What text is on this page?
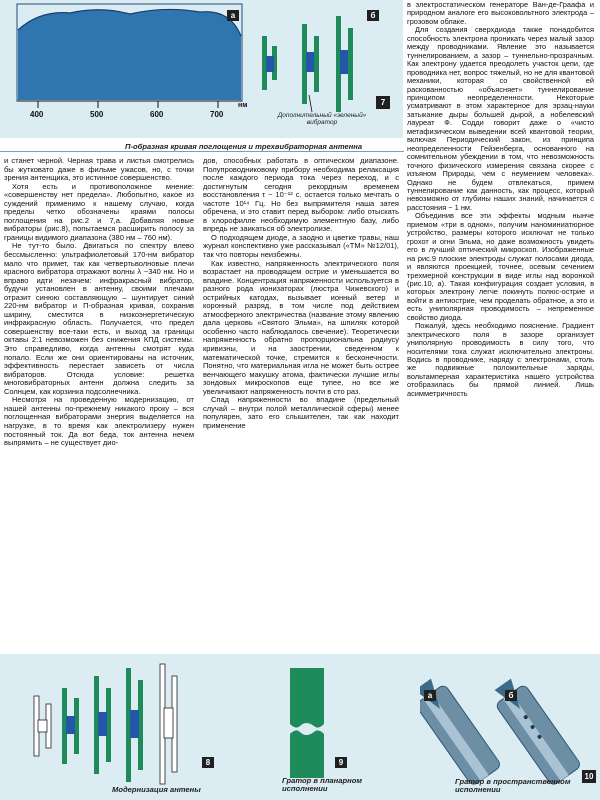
а	б
7
нм
400	500	600	700	Дополнительный «зеленый» вибратор
П-образная кривая поглощения и трехвибраторная антенна

в электростатическом генераторе Ван-де-Граафа и природном аналоге его высоковольтного электрода – грозовом облаке.

Для создания сверхдиода также понадобится способность электрона проникать через малый зазор между проводниками. Явление это называется туннелированием, а зазор – туннельно-прозрачным. Как электрону удается преодолеть участок цепи, где проводника нет, вопрос тяжелый, но не для квантовой механики, которая со свойственной ей раскованностью «объясняет» туннелирование принципом неопределенности. Некоторые усматривают в этом характерное для эрзац-науки затыкание дыры большей дырой, а нобелевский лауреат Ф. Содди говорит даже о «чисто метафизическом выведении всей квантовой теории, включая Периодический закон, из принципа неопределенности Гейзенберга, основанного на сомнительном убеждении в том, что невозможность точного физического измерения связана скорее с изъяном Природы, чем с неумением человека». Однако не будем отвлекаться, примем туннелирование как данность, как процесс, который невозможно от глубины наших знаний, начинается с расстояния ~ 1 нм.

Объединив все эти эффекты модным нынче приемом «три в одном», получим наноминиатюрное устройство, размеры которого исключат не только грохот и огни Эльма, но даже возможность увидеть его в лучший оптический микроскоп. Изображенные на рис.9 плоские электроды служат полосами диода, и являются проекцией, точнее, осевым сечением трехмерной конструкции в виде иглы над воронкой (рис.10, а). Такая конфигурация создает условия, в которых электрону легче покинуть полюс-острие и войти в антиострие, чем проделать обратное, а это и есть униполярная проводимость – непременное свойство диода.

Пожалуй, здесь необходимо пояснение. Градиент электрического поля в зазоре организует униполярную проводимость в силу того, что носителями тока служат исключительно электроны. Водись в проводнике, наряду с электронами, столь же подвижные положительные заряды, вольтамперная характеристика нашего устройства отобразилась бы прямой линией. Лишь асимметричность

и станет черной. Черная трава и листья смотрелись бы жутковато даже в фильме ужасов, но, с точки зрения антенщика, это истинное совершенство.

Хотя есть и противоположное мнение: «совершенству нет предела». Любопытно, какое из суждений применимо к нашему случаю, когда пределы четко обозначены краями полосы поглощения на рис.2 и 7,а. Добавляя новые вибраторы (рис.8), попытаемся расширить полосу за границы видимого диапазона (380 нм – 760 нм).

Не тут-то было. Двигаться по спектру влево бессмысленно: ультрафиолетовый 170-нм вибратор мало что примет, так как четвертьволновые плечи красного вибратора отражают волны λ ~340 нм. Но и вправо идти незачем: инфракрасный вибратор, будучи установлен в антенну, своими плечами отразит синюю составляющую – шунтирует синий 220-нм вибратор и П-образная кривая, сохранив ширину, сместится в низкоэнергетическую инфракрасную область. Получается, что предел совершенству все-таки есть, и выход за границы октавы 2:1 невозможен без снижения КПД системы. Это справедливо, когда антенны смотрят куда попало. Если же они ориентированы на источник, эффективность перестает зависеть от числа вибраторов. Отсюда условие: решетка многовибраторных антенн должна следить за Солнцем, как корзинка подсолнечника.

Несмотря на проведенную модернизацию, от нашей антенны по-прежнему никакого проку – вся поглощенная вибраторами энергия выделяется на нагрузке, в то время как электролизеру нужен постоянный ток. Да вот беда, ток антенна нечем выпрямить – не существует дио-

дов, способных работать в оптическом диапазоне. Полупроводниковому прибору необходима релаксация после каждого периода тока через переход, и с достигнутым сегодня рекордным временем восстановления τ ~ 10⁻¹² с. остается только мечтать о частоте 10¹⁴ Гц. Но без выпрямителя наша затея обречена, и это ставит перед выбором: либо отыскать в хлорофилле необходимую элементную базу, либо впредь не заикаться об электролизе.

О подходящем диоде, а заодно и цветке травы, наш журнал конспективно уже рассказывал («ТМ» №12/01), так что повторы неизбежны.

Как известно, напряженность электрического поля возрастает на проводящем острие и уменьшается во впадине. Концентрация напряженности используется в разного рода ионизаторах (люстра Чижевского) и острийных катодах, вызывает ионный ветер и коронный разряд, в том числе под действием атмосферного электричества (название этому явлению дала церковь «Святого Эльма», на шпилях которой особенно часто наблюдалось свечение). Теоретически напряженность обратно пропорциональна радиусу кривизны, и на заострении, сведенном к математической точке, стремится к бесконечности. Понятно, что материальная игла не может быть острее венчающего макушку атома, фактически лучшие иглы зондовых микроскопов еще тупее, но все же увеличивают напряженность почти в сто раз.

Спад напряженности во впадине (предельный случай – внутри полой металлической сферы) менее популярен, зато его слышителен, так как находит применение

8
Модернизация антены
9
Гратор в планарном исполнении
а	б
10
Гратор в пространственном исполнении
